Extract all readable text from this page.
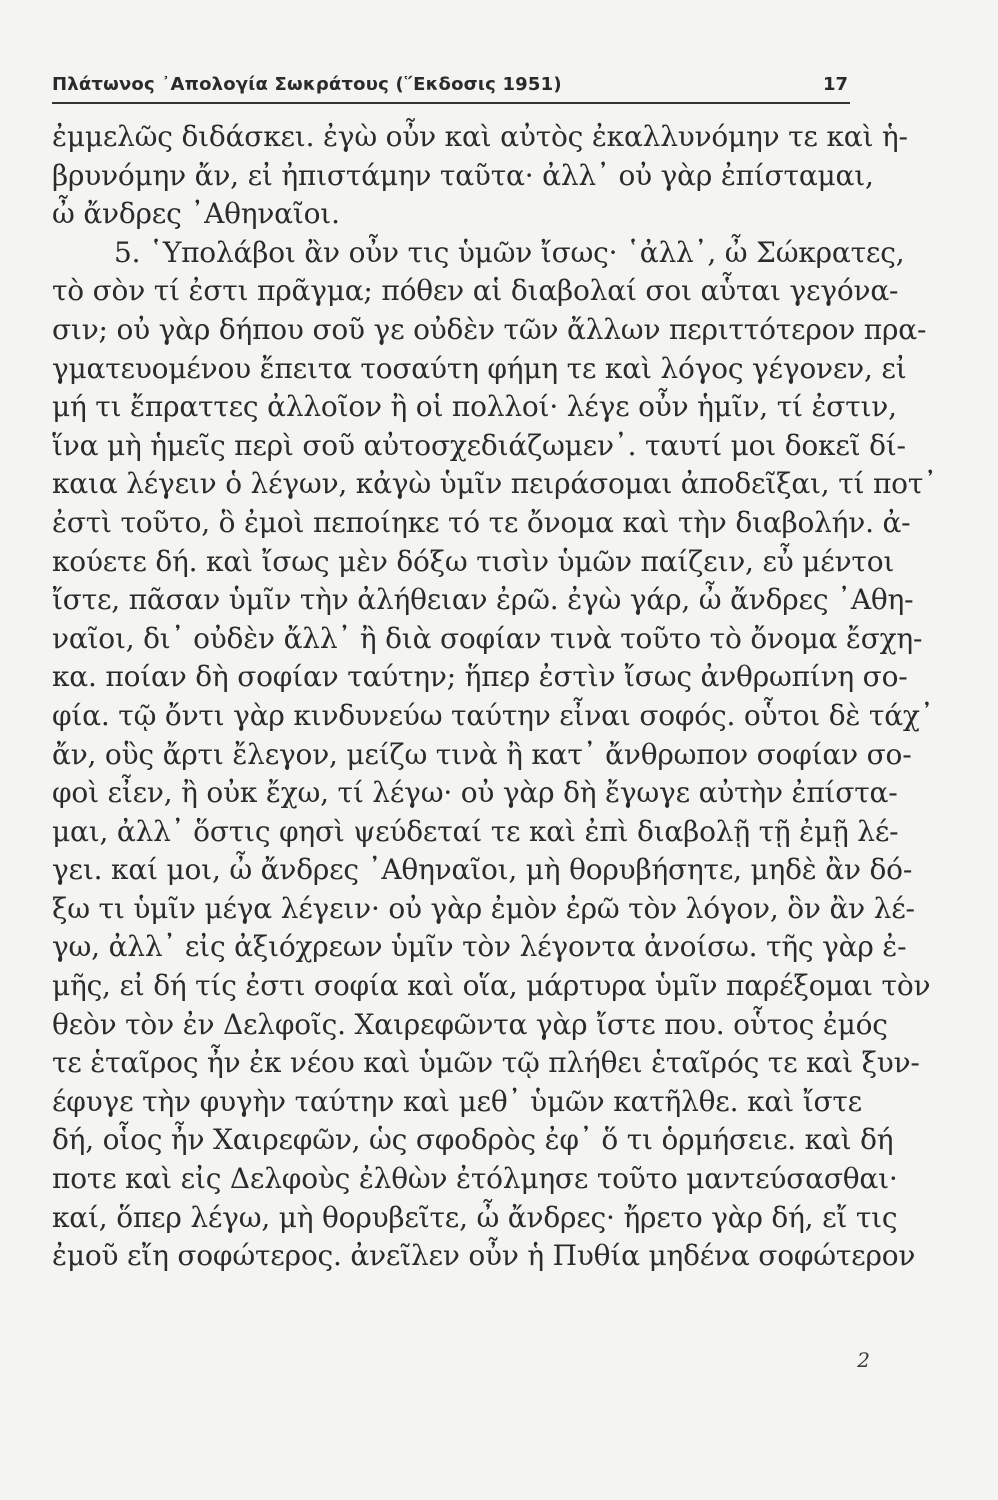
Πλάτωνος ᾿Απολογία Σωκράτους (῞Εκδοσις 1951)	17
ἐμμελῶς διδάσκει. ἐγὼ οὖν καὶ αὐτὸς ἐκαλλυνόμην τε καὶ ἡ-
βρυνόμην ἄν, εἰ ἠπιστάμην ταῦτα· ἀλλ᾿ οὐ γὰρ ἐπίσταμαι,
ὦ ἄνδρες ᾿Αθηναῖοι.
5. ῾Υπολάβοι ἂν οὖν τις ὑμῶν ἴσως· ῾ἀλλ᾿, ὦ Σώκρατες,
τὸ σὸν τί ἐστι πρᾶγμα; πόθεν αἱ διαβολαί σοι αὗται γεγόνα-
σιν; οὐ γὰρ δήπου σοῦ γε οὐδὲν τῶν ἄλλων περιττότερον πρα-
γματευομένου ἔπειτα τοσαύτη φήμη τε καὶ λόγος γέγονεν, εἰ
μή τι ἔπραττες ἀλλοῖον ἢ οἱ πολλοί· λέγε οὖν ἡμῖν, τί ἐστιν,
ἵνα μὴ ἡμεῖς περὶ σοῦ αὐτοσχεδιάζωμεν᾿. ταυτί μοι δοκεῖ δί-
καια λέγειν ὁ λέγων, κἀγὼ ὑμῖν πειράσομαι ἀποδεῖξαι, τί ποτ᾿
ἐστὶ τοῦτο, ὃ ἐμοὶ πεποίηκε τό τε ὄνομα καὶ τὴν διαβολήν. ἀ-
κούετε δή. καὶ ἴσως μὲν δόξω τισὶν ὑμῶν παίζειν, εὖ μέντοι
ἴστε, πᾶσαν ὑμῖν τὴν ἀλήθειαν ἐρῶ. ἐγὼ γάρ, ὦ ἄνδρες ᾿Αθη-
ναῖοι, δι᾿ οὐδὲν ἄλλ᾿ ἢ διὰ σοφίαν τινὰ τοῦτο τὸ ὄνομα ἔσχη-
κα. ποίαν δὴ σοφίαν ταύτην; ἥπερ ἐστὶν ἴσως ἀνθρωπίνη σο-
φία. τῷ ὄντι γὰρ κινδυνεύω ταύτην εἶναι σοφός. οὗτοι δὲ τάχ᾿
ἄν, οὓς ἄρτι ἔλεγον, μείζω τινὰ ἢ κατ᾿ ἄνθρωπον σοφίαν σο-
φοὶ εἶεν, ἢ οὐκ ἔχω, τί λέγω· οὐ γὰρ δὴ ἔγωγε αὐτὴν ἐπίστα-
μαι, ἀλλ᾿ ὅστις φησὶ ψεύδεταί τε καὶ ἐπὶ διαβολῇ τῇ ἐμῇ λέ-
γει. καί μοι, ὦ ἄνδρες ᾿Αθηναῖοι, μὴ θορυβήσητε, μηδὲ ἂν δό-
ξω τι ὑμῖν μέγα λέγειν· οὐ γὰρ ἐμὸν ἐρῶ τὸν λόγον, ὃν ἂν λέ-
γω, ἀλλ᾿ εἰς ἀξιόχρεων ὑμῖν τὸν λέγοντα ἀνοίσω. τῆς γὰρ ἐ-
μῆς, εἰ δή τίς ἐστι σοφία καὶ οἵα, μάρτυρα ὑμῖν παρέξομαι τὸν
θεὸν τὸν ἐν Δελφοῖς. Χαιρεφῶντα γὰρ ἴστε που. οὗτος ἐμός
τε ἑταῖρος ἦν ἐκ νέου καὶ ὑμῶν τῷ πλήθει ἑταῖρός τε καὶ ξυν-
έφυγε τὴν φυγὴν ταύτην καὶ μεθ᾿ ὑμῶν κατῆλθε. καὶ ἴστε
δή, οἷος ἦν Χαιρεφῶν, ὡς σφοδρὸς ἐφ᾿ ὅ τι ὁρμήσειε. καὶ δή
ποτε καὶ εἰς Δελφοὺς ἐλθὼν ἐτόλμησε τοῦτο μαντεύσασθαι·
καί, ὅπερ λέγω, μὴ θορυβεῖτε, ὦ ἄνδρες· ἤρετο γὰρ δή, εἴ τις
ἐμοῦ εἴη σοφώτερος. ἀνεῖλεν οὖν ἡ Πυθία μηδένα σοφώτερον
2
